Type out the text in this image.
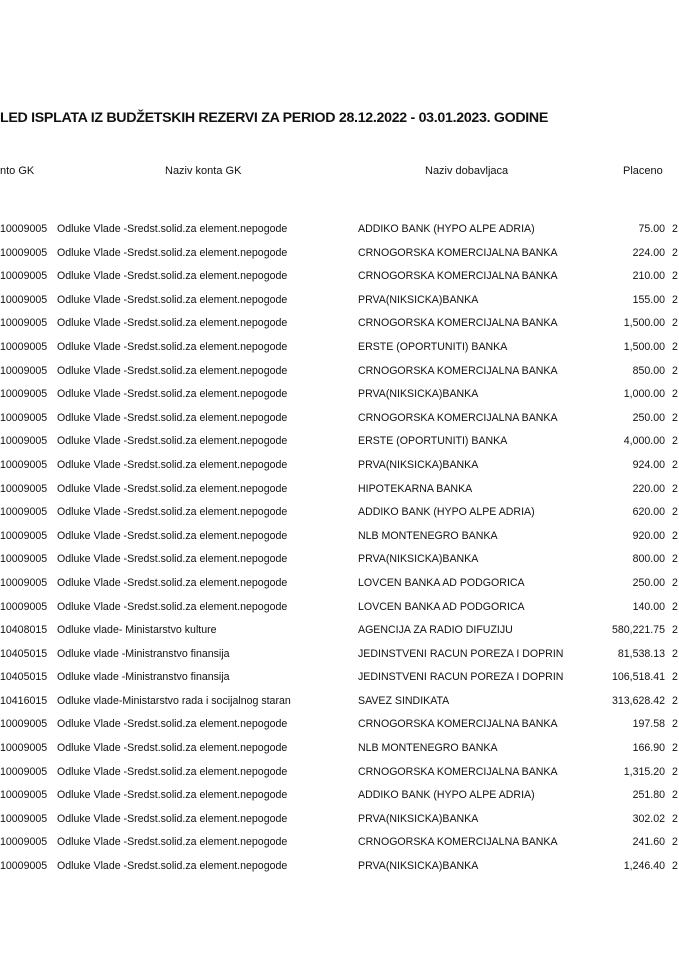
LED ISPLATA IZ BUDŽETSKIH REZERVI ZA PERIOD 28.12.2022 - 03.01.2023. GODINE
nto GK	Naziv konta GK	Naziv dobavljaca	Placeno
10009005 Odluke Vlade -Sredst.solid.za element.nepogode	ADDIKO BANK (HYPO ALPE ADRIA)	75.00 2
10009005 Odluke Vlade -Sredst.solid.za element.nepogode	CRNOGORSKA KOMERCIJALNA BANKA	224.00 2
10009005 Odluke Vlade -Sredst.solid.za element.nepogode	CRNOGORSKA KOMERCIJALNA BANKA	210.00 2
10009005 Odluke Vlade -Sredst.solid.za element.nepogode	PRVA(NIKSICKA)BANKA	155.00 2
10009005 Odluke Vlade -Sredst.solid.za element.nepogode	CRNOGORSKA KOMERCIJALNA BANKA	1,500.00 2
10009005 Odluke Vlade -Sredst.solid.za element.nepogode	ERSTE (OPORTUNITI) BANKA	1,500.00 2
10009005 Odluke Vlade -Sredst.solid.za element.nepogode	CRNOGORSKA KOMERCIJALNA BANKA	850.00 2
10009005 Odluke Vlade -Sredst.solid.za element.nepogode	PRVA(NIKSICKA)BANKA	1,000.00 2
10009005 Odluke Vlade -Sredst.solid.za element.nepogode	CRNOGORSKA KOMERCIJALNA BANKA	250.00 2
10009005 Odluke Vlade -Sredst.solid.za element.nepogode	ERSTE (OPORTUNITI) BANKA	4,000.00 2
10009005 Odluke Vlade -Sredst.solid.za element.nepogode	PRVA(NIKSICKA)BANKA	924.00 2
10009005 Odluke Vlade -Sredst.solid.za element.nepogode	HIPOTEKARNA BANKA	220.00 2
10009005 Odluke Vlade -Sredst.solid.za element.nepogode	ADDIKO BANK (HYPO ALPE ADRIA)	620.00 2
10009005 Odluke Vlade -Sredst.solid.za element.nepogode	NLB MONTENEGRO BANKA	920.00 2
10009005 Odluke Vlade -Sredst.solid.za element.nepogode	PRVA(NIKSICKA)BANKA	800.00 2
10009005 Odluke Vlade -Sredst.solid.za element.nepogode	LOVCEN BANKA AD PODGORICA	250.00 2
10009005 Odluke Vlade -Sredst.solid.za element.nepogode	LOVCEN BANKA AD PODGORICA	140.00 2
10408015 Odluke vlade- Ministarstvo kulture	AGENCIJA ZA RADIO DIFUZIJU	580,221.75 2
10405015 Odluke vlade -Ministranstvo finansija	JEDINSTVENI RACUN POREZA I DOPRIN	81,538.13 2
10405015 Odluke vlade -Ministranstvo finansija	JEDINSTVENI RACUN POREZA I DOPRIN	106,518.41 2
10416015 Odluke vlade-Ministarstvo rada i socijalnog staran	SAVEZ SINDIKATA	313,628.42 2
10009005 Odluke Vlade -Sredst.solid.za element.nepogode	CRNOGORSKA KOMERCIJALNA BANKA	197.58 2
10009005 Odluke Vlade -Sredst.solid.za element.nepogode	NLB MONTENEGRO BANKA	166.90 2
10009005 Odluke Vlade -Sredst.solid.za element.nepogode	CRNOGORSKA KOMERCIJALNA BANKA	1,315.20 2
10009005 Odluke Vlade -Sredst.solid.za element.nepogode	ADDIKO BANK (HYPO ALPE ADRIA)	251.80 2
10009005 Odluke Vlade -Sredst.solid.za element.nepogode	PRVA(NIKSICKA)BANKA	302.02 2
10009005 Odluke Vlade -Sredst.solid.za element.nepogode	CRNOGORSKA KOMERCIJALNA BANKA	241.60 2
10009005 Odluke Vlade -Sredst.solid.za element.nepogode	PRVA(NIKSICKA)BANKA	1,246.40 2
